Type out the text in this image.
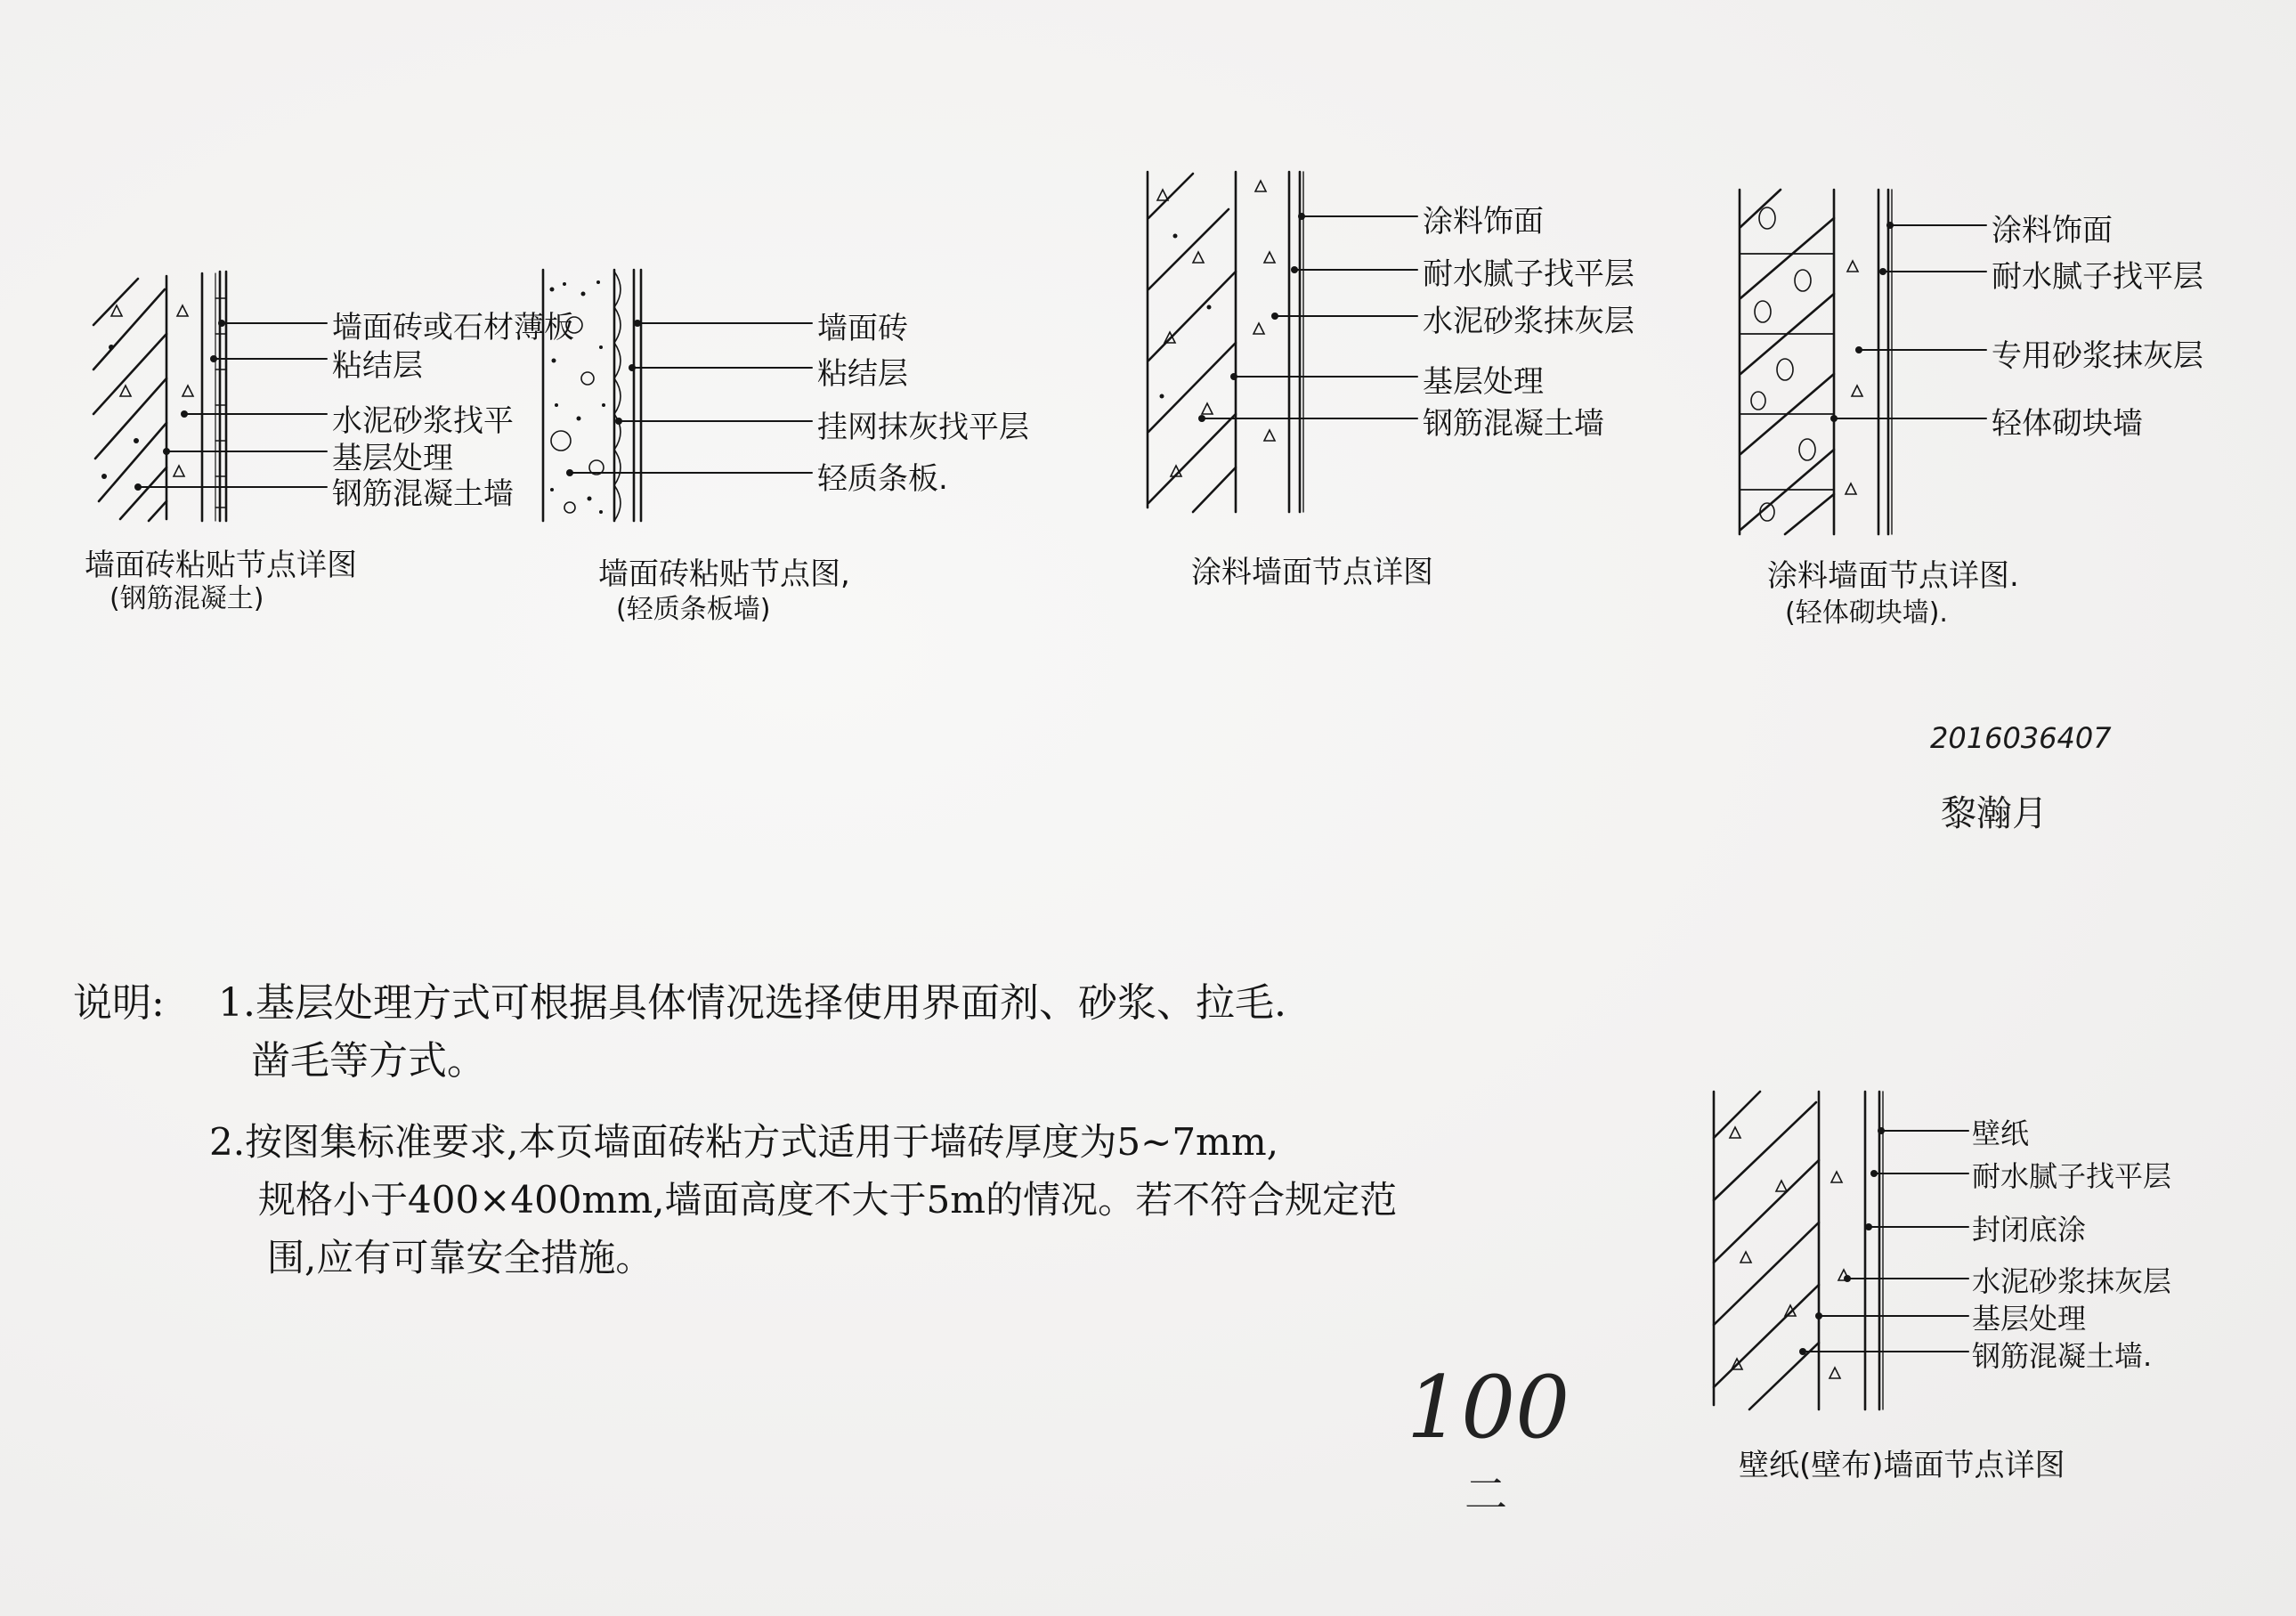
墙面砖或石材薄板
粘结层
水泥砂浆找平
基层处理
钢筋混凝土墙
墙面砖粘贴节点详图
(钢筋混凝土)
墙面砖
粘结层
挂网抹灰找平层
轻质条板.
墙面砖粘贴节点图,
(轻质条板墙)
涂料饰面
耐水腻子找平层
水泥砂浆抹灰层
基层处理
钢筋混凝土墙
涂料墙面节点详图
涂料饰面
耐水腻子找平层
专用砂浆抹灰层
轻体砌块墙
涂料墙面节点详图.
(轻体砌块墙).
2016036407
黎瀚月
说明: 1.基层处理方式可根据具体情况选择使用界面剂、砂浆、拉毛.
凿毛等方式。
2.按图集标准要求,本页墙面砖粘方式适用于墙砖厚度为5~7mm,
规格小于400×400mm,墙面高度不大于5m的情况。若不符合规定范
围,应有可靠安全措施。
100
二
壁纸
耐水腻子找平层
封闭底涂
水泥砂浆抹灰层
基层处理
钢筋混凝土墙.
壁纸(壁布)墙面节点详图
